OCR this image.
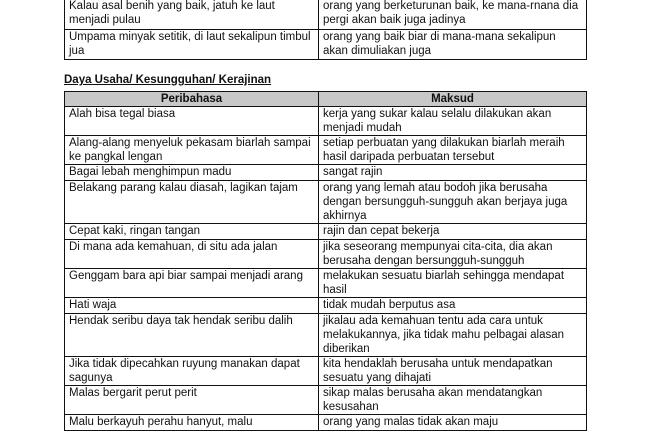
Kalau asal benih yang baik, jatuh ke laut menjadi pulau	orang yang berketurunan baik, ke mana-rnana dia pergi akan baik juga jadinya
Umpama minyak setitik, di laut sekalipun timbul jua	orang yang baik biar di mana-mana sekalipun akan dimuliakan juga
Daya Usaha/ Kesungguhan/ Kerajinan
Peribahasa	Maksud
Alah bisa tegal biasa	kerja yang sukar kalau selalu dilakukan akan menjadi mudah
Alang-alang menyeluk pekasam biarlah sampai ke pangkal lengan	setiap perbuatan yang dilakukan biarlah meraih hasil daripada perbuatan tersebut
Bagai lebah menghimpun madu	sangat rajin
Belakang parang kalau diasah, lagikan tajam	orang yang lemah atau bodoh jika berusaha dengan bersungguh-sungguh akan berjaya juga akhirnya
Cepat kaki, ringan tangan	rajin dan cepat bekerja
Di mana ada kemahuan, di situ ada jalan	jika seseorang mempunyai cita-cita, dia akan berusaha dengan bersungguh-sungguh
Genggam bara api biar sampai menjadi arang	melakukan sesuatu biarlah sehingga mendapat hasil
Hati waja	tidak mudah berputus asa
Hendak seribu daya tak hendak seribu dalih	jikalau ada kemahuan tentu ada cara untuk melakukannya, jika tidak mahu pelbagai alasan diberikan
Jika tidak dipecahkan ruyung manakan dapat sagunya	kita hendaklah berusaha untuk mendapatkan sesuatu yang dihajati
Malas bergarit perut perit	sikap malas berusaha akan mendatangkan kesusahan
Malu berkayuh perahu hanyut, malu	orang yang malas tidak akan maju
